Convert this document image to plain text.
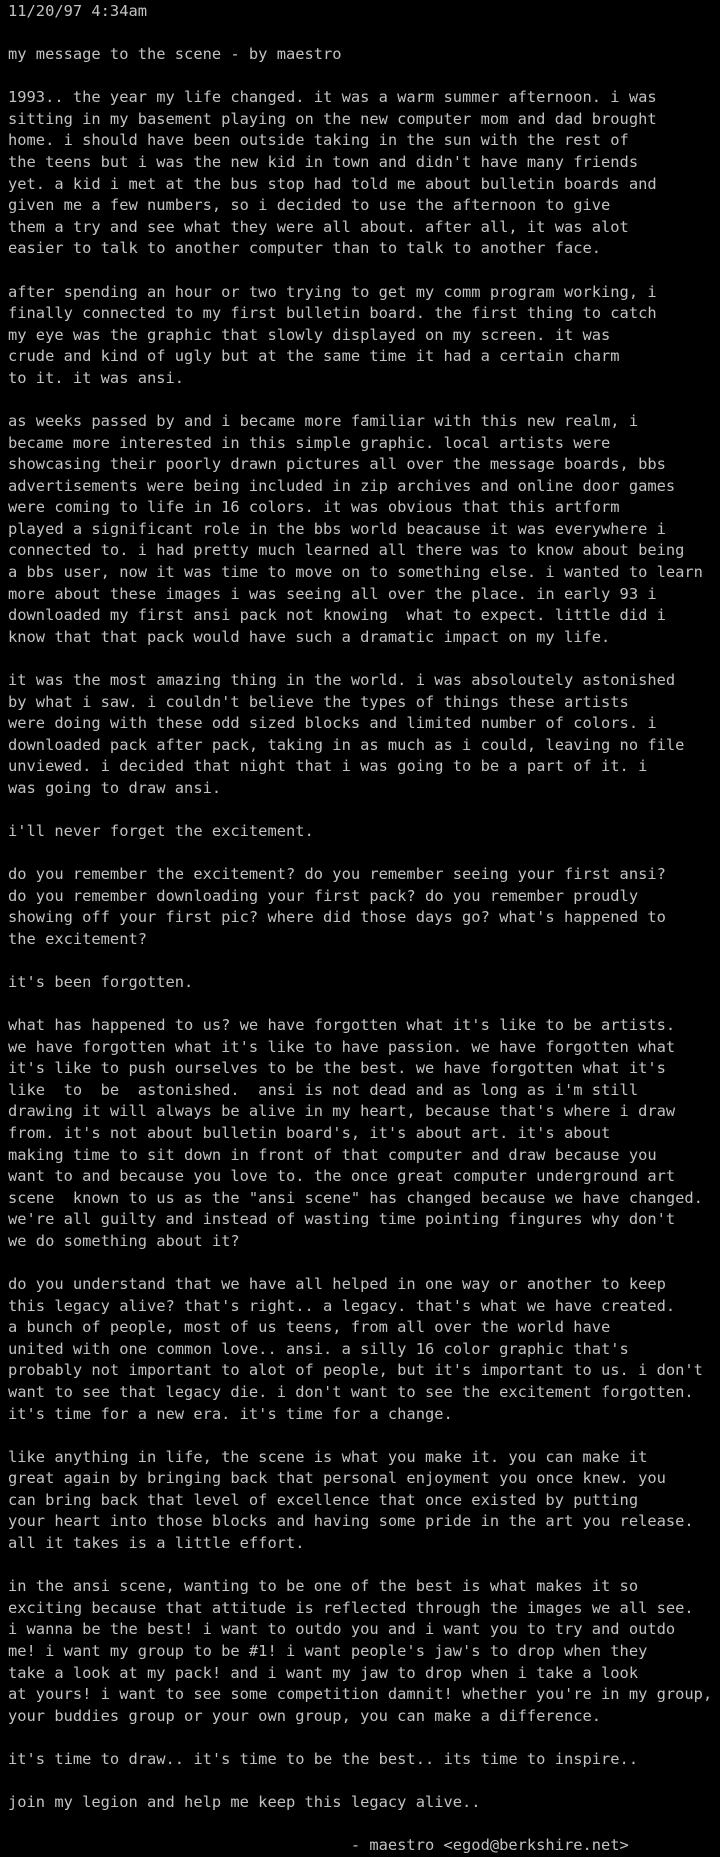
11/20/97 4:34am

my message to the scene - by maestro

1993.. the year my life changed. it was a warm summer afternoon. i was
sitting in my basement playing on the new computer mom and dad brought
home. i should have been outside taking in the sun with the rest of
the teens but i was the new kid in town and didn't have many friends
yet. a kid i met at the bus stop had told me about bulletin boards and
given me a few numbers, so i decided to use the afternoon to give
them a try and see what they were all about. after all, it was alot
easier to talk to another computer than to talk to another face.

after spending an hour or two trying to get my comm program working, i
finally connected to my first bulletin board. the first thing to catch
my eye was the graphic that slowly displayed on my screen. it was
crude and kind of ugly but at the same time it had a certain charm
to it. it was ansi.

as weeks passed by and i became more familiar with this new realm, i
became more interested in this simple graphic. local artists were
showcasing their poorly drawn pictures all over the message boards, bbs
advertisements were being included in zip archives and online door games
were coming to life in 16 colors. it was obvious that this artform
played a significant role in the bbs world beacause it was everywhere i
connected to. i had pretty much learned all there was to know about being
a bbs user, now it was time to move on to something else. i wanted to learn
more about these images i was seeing all over the place. in early 93 i
downloaded my first ansi pack not knowing  what to expect. little did i
know that that pack would have such a dramatic impact on my life.

it was the most amazing thing in the world. i was absoloutely astonished
by what i saw. i couldn't believe the types of things these artists
were doing with these odd sized blocks and limited number of colors. i
downloaded pack after pack, taking in as much as i could, leaving no file
unviewed. i decided that night that i was going to be a part of it. i
was going to draw ansi.

i'll never forget the excitement.

do you remember the excitement? do you remember seeing your first ansi?
do you remember downloading your first pack? do you remember proudly
showing off your first pic? where did those days go? what's happened to
the excitement?

it's been forgotten.

what has happened to us? we have forgotten what it's like to be artists.
we have forgotten what it's like to have passion. we have forgotten what
it's like to push ourselves to be the best. we have forgotten what it's
like  to  be  astonished.  ansi is not dead and as long as i'm still
drawing it will always be alive in my heart, because that's where i draw
from. it's not about bulletin board's, it's about art. it's about
making time to sit down in front of that computer and draw because you
want to and because you love to. the once great computer underground art
scene  known to us as the "ansi scene" has changed because we have changed.
we're all guilty and instead of wasting time pointing fingures why don't
we do something about it?

do you understand that we have all helped in one way or another to keep
this legacy alive? that's right.. a legacy. that's what we have created.
a bunch of people, most of us teens, from all over the world have
united with one common love.. ansi. a silly 16 color graphic that's
probably not important to alot of people, but it's important to us. i don't
want to see that legacy die. i don't want to see the excitement forgotten.
it's time for a new era. it's time for a change.

like anything in life, the scene is what you make it. you can make it
great again by bringing back that personal enjoyment you once knew. you
can bring back that level of excellence that once existed by putting
your heart into those blocks and having some pride in the art you release.
all it takes is a little effort.

in the ansi scene, wanting to be one of the best is what makes it so
exciting because that attitude is reflected through the images we all see.
i wanna be the best! i want to outdo you and i want you to try and outdo
me! i want my group to be #1! i want people's jaw's to drop when they
take a look at my pack! and i want my jaw to drop when i take a look
at yours! i want to see some competition damnit! whether you're in my group,
your buddies group or your own group, you can make a difference.

it's time to draw.. it's time to be the best.. its time to inspire..

join my legion and help me keep this legacy alive..

- maestro <egod@berkshire.net>
